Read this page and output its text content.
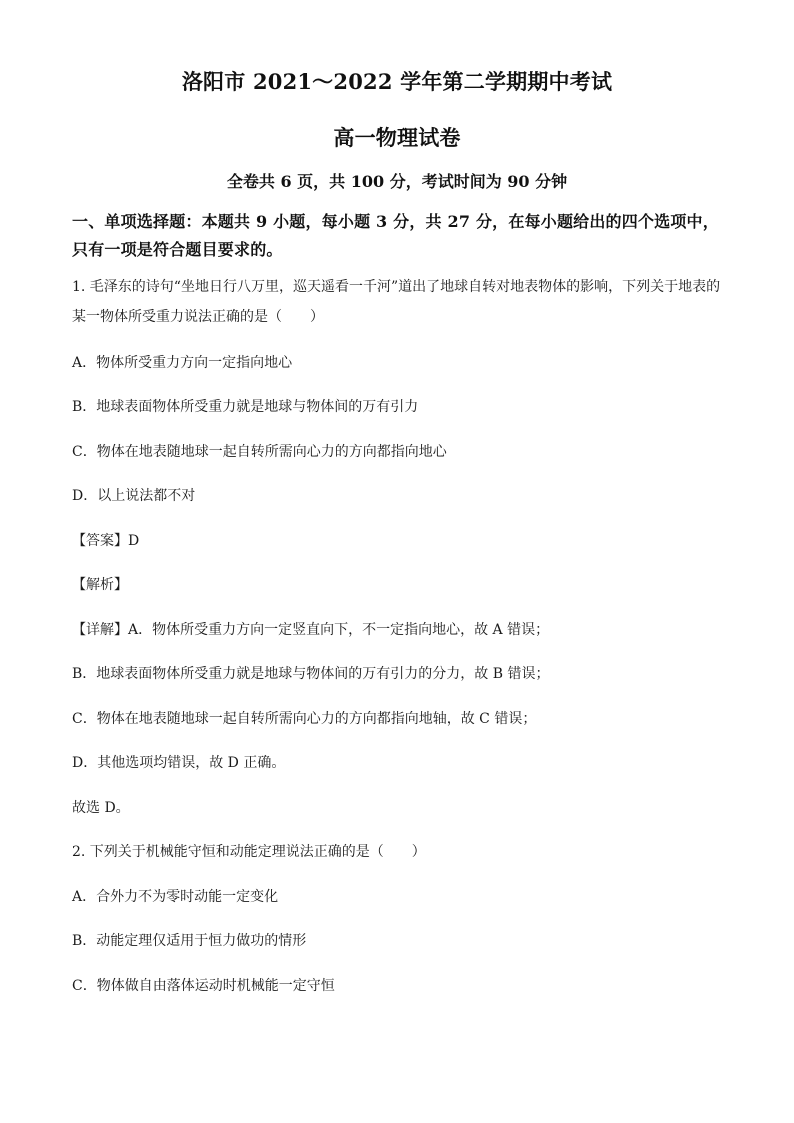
洛阳市 2021～2022 学年第二学期期中考试
高一物理试卷
全卷共 6 页，共 100 分，考试时间为 90 分钟
一、单项选择题：本题共 9 小题，每小题 3 分，共 27 分，在每小题给出的四个选项中，只有一项是符合题目要求的。
1. 毛泽东的诗句“坐地日行八万里，巡天遥看一千河”道出了地球自转对地表物体的影响，下列关于地表的某一物体所受重力说法正确的是（　　）
A．物体所受重力方向一定指向地心
B．地球表面物体所受重力就是地球与物体间的万有引力
C．物体在地表随地球一起自转所需向心力的方向都指向地心
D．以上说法都不对
【答案】D
【解析】
【详解】A．物体所受重力方向一定竖直向下，不一定指向地心，故 A 错误；
B．地球表面物体所受重力就是地球与物体间的万有引力的分力，故 B 错误；
C．物体在地表随地球一起自转所需向心力的方向都指向地轴，故 C 错误；
D．其他选项均错误，故 D 正确。
故选 D。
2. 下列关于机械能守恒和动能定理说法正确的是（　　）
A．合外力不为零时动能一定变化
B．动能定理仅适用于恒力做功的情形
C．物体做自由落体运动时机械能一定守恒
